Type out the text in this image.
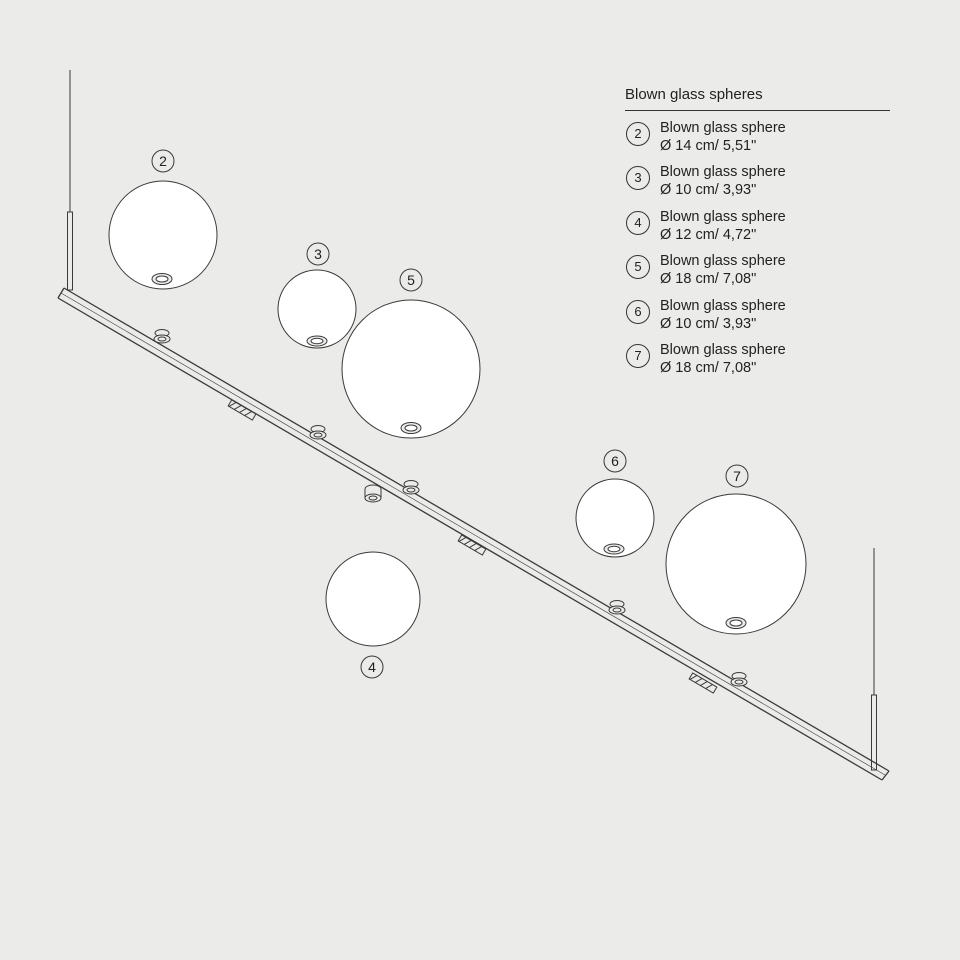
2
3
5
4
6
7
Blown glass spheres
2	Blown glass sphere
Ø 14 cm/ 5,51"
3	Blown glass sphere
Ø 10 cm/ 3,93"
4	Blown glass sphere
Ø 12 cm/ 4,72"
5	Blown glass sphere
Ø 18 cm/ 7,08"
6	Blown glass sphere
Ø 10 cm/ 3,93"
7	Blown glass sphere
Ø 18 cm/ 7,08"
